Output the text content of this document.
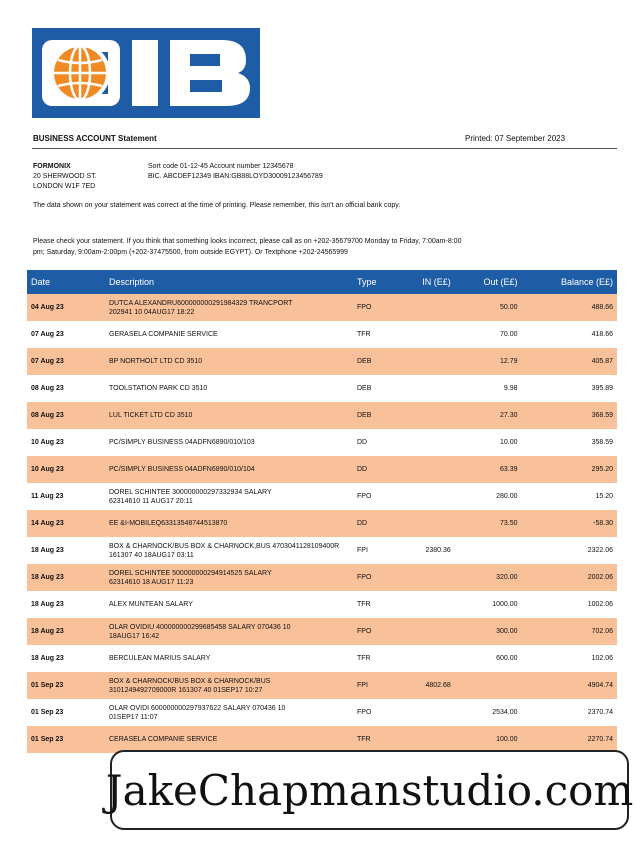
BUSINESS ACCOUNT Statement	Printed: 07 September 2023
FORMONIX
20 SHERWOOD ST.
LONDON W1F 7ED
Sort code 01-12-45 Account number 12345678
BIC. ABCDEF12349 IBAN:GB88LOYD30009123456789
The data shown on your statement was correct at the time of printing. Please remember, this isn't an official bank copy.
Please check your statement. If you think that something looks incorrect, please call as on +202-35679700 Monday to Friday, 7:00am-8:00 pm; Saturday, 9:00am-2:00pm (+202-37475500, from outside EGYPT). Or Textphone +202-24565999
Date	Description	Type	IN (E£)	Out (E£)	Balance (E£)
04 Aug 23	DUTCA ALEXANDRU600000000291984329 TRANCPORT
202941 10 04AUG17 18:22	FPO		50.00	488.66
07 Aug 23	GERASELA COMPANIE SERVICE	TFR		70.00	418.66
07 Aug 23	BP NORTHOLT LTD CD 3510	DEB		12.79	405.87
08 Aug 23	TOOLSTATION PARK CD 3510	DEB		9.98	395.89
08 Aug 23	LUL TICKET LTD CD 3510	DEB		27.30	368.59
10 Aug 23	PC/SIMPLY BUSINESS 04ADFN6890/010/103	DD		10.00	358.59
10 Aug 23	PC/SIMPLY BUSINESS 04ADFN6890/010/104	DD		63.39	295.20
11 Aug 23	DOREL SCHINTEE 300000000297332934 SALARY
62314610 11 AUG17 20:11	FPO		280.00	15.20
14 Aug 23	EE &I-MOBILEQ63313548744513870	DD		73.50	-58.30
18 Aug 23	BOX & CHARNOCK/BUS BOX & CHARNOCK,BUS 4703041128109400R
161307 40 18AUG17 03:11	FPI	2380.36		2322.06
18 Aug 23	DOREL SCHINTEE 500000000294914525 SALARY
62314610 18 AUG17 11:23	FPO		320.00	2002.06
18 Aug 23	ALEX MUNTEAN SALARY	TFR		1000.00	1002.06
18 Aug 23	OLAR OVIDIU 400000000299685458 SALARY 070436 10
18AUG17 16:42	FPO		300.00	702.06
18 Aug 23	BERCULEAN MARIUS SALARY	TFR		600.00	102.06
01 Sep 23	BOX & CHARNOCK/BUS BOX & CHARNOCK/BUS
3101249492709000R 161307 40 01SEP17 10:27	FPI	4802.68		4904.74
01 Sep 23	OLAR OVIDI 600000000297937622 SALARY 070436 10
01SEP17 11:07	FPO		2534.00	2370.74
01 Sep 23	CERASELA COMPANIE SERVICE	TFR		100.00	2270.74
JakeChapmanstudio.com
